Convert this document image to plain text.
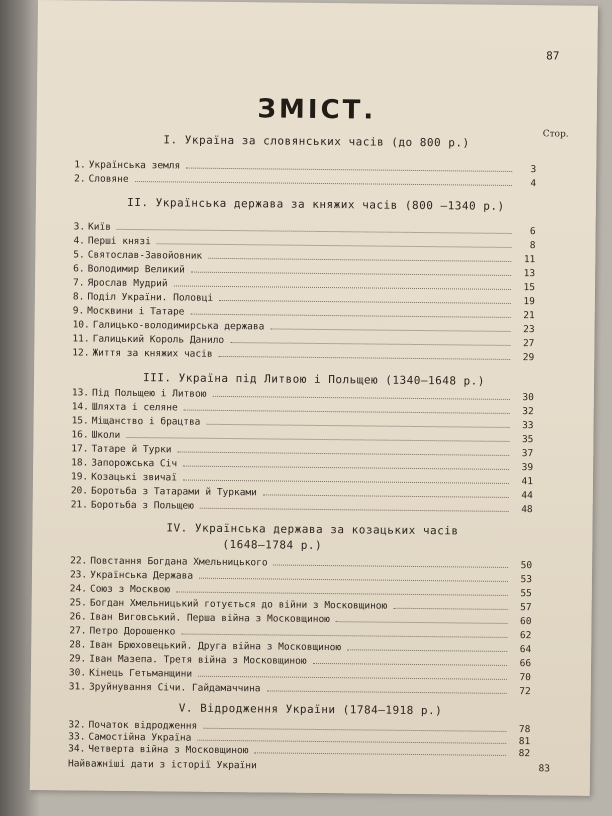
87
ЗМІСТ.
Стор.
І. Україна за словянських часів (до 800 р.)
1. Українська земля	3
2. Словяне	4
II. Українська держава за княжих часів (800 —1340 р.)
3. Київ	6
4. Перші князі	8
5. Святослав-Завойовник	11
6. Володимир Великий	13
7. Ярослав Мудрий	15
8. Поділ України. Половці	19
9. Москвини і Татаре	21
10. Галицько-володимирська держава	23
11. Галицький Король Данило	27
12. Життя за княжих часів	29
III. Україна під Литвою і Польщею (1340—1648 р.)
13. Під Польщею і Литвою	30
14. Шляхта і селяне	32
15. Міщанство і брацтва	33
16. Школи	35
17. Татаре й Турки	37
18. Запорожська Січ	39
19. Козацькі звичаї	41
20. Боротьба з Татарами й Турками	44
21. Боротьба з Польщею	48
IV. Українська держава за козацьких часів
(1648—1784 р.)
22. Повстання Богдана Хмельницького	50
23. Українська Держава	53
24. Союз з Москвою	55
25. Богдан Хмельницький готується до війни з Московщиною	57
26. Іван Виговський. Перша війна з Московщиною	60
27. Петро Дорошенко	62
28. Іван Брюховецький. Друга війна з Московщиною	64
29. Іван Мазепа. Третя війна з Московщиною	66
30. Кінець Гетьманщини	70
31. Зруйнування Січи. Гайдамаччина	72
V. Відродження України (1784—1918 р.)
32. Початок відродження	78
33. Самостійна Україна	81
34. Четверта війна з Московщиною	82
Найважніші дати з історії України	83
